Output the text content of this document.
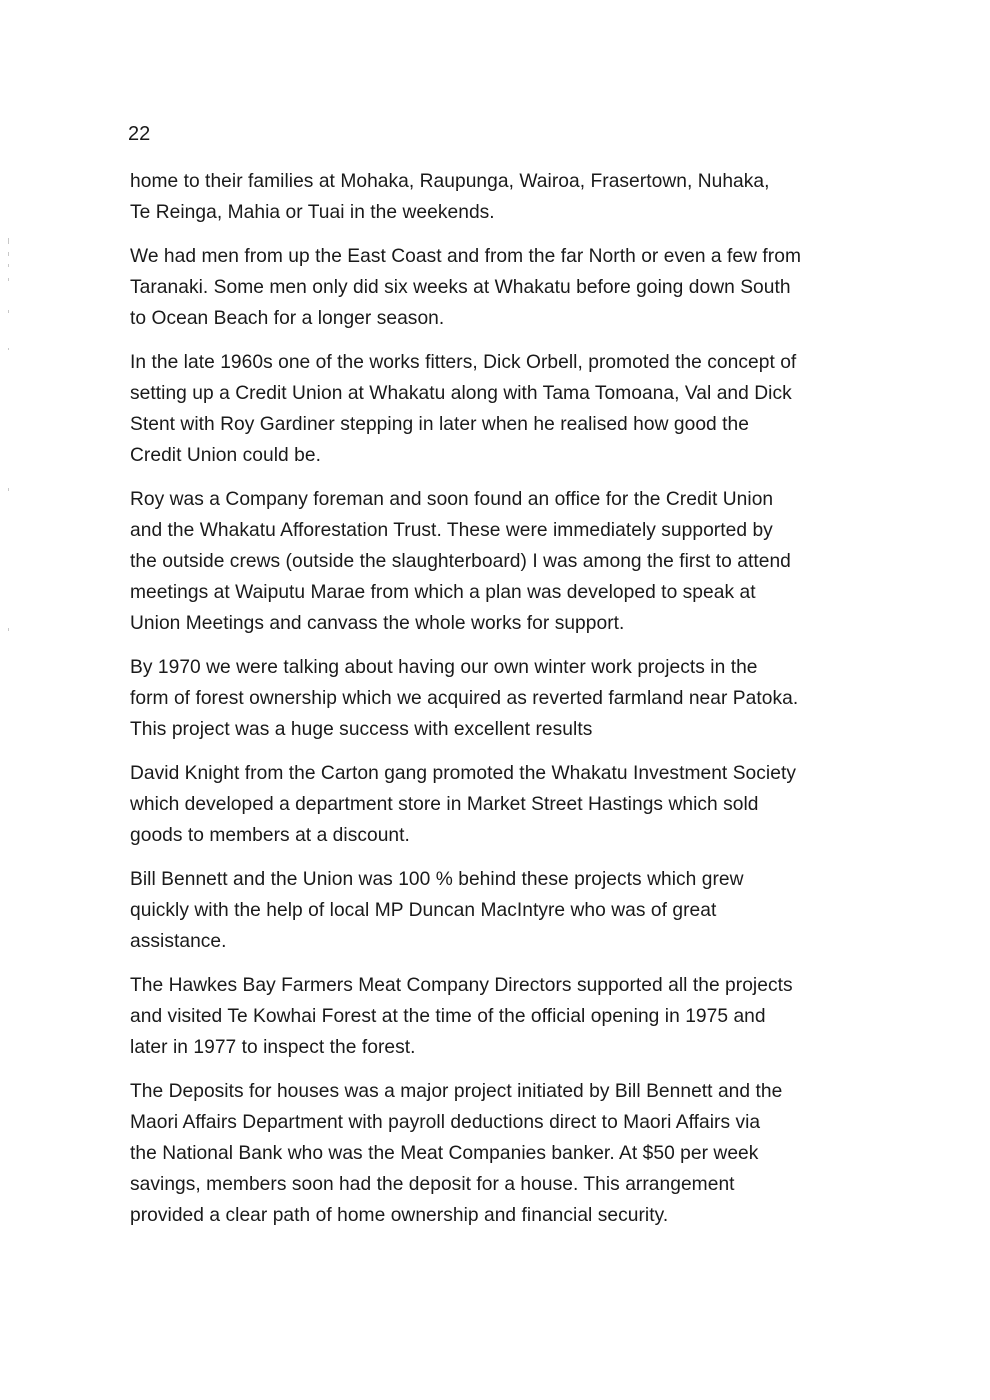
22

home to their families at Mohaka, Raupunga, Wairoa, Frasertown, Nuhaka,
Te Reinga, Mahia or Tuai in the weekends.

We had men from up the East Coast and from the far North or even a few from
Taranaki. Some men only did six weeks at Whakatu before going down South
to Ocean Beach for a longer season.

In the late 1960s one of the works fitters, Dick Orbell, promoted the concept of
setting up a Credit Union at Whakatu along with Tama Tomoana, Val and Dick
Stent with Roy Gardiner stepping in later when he realised how good the
Credit Union could be.

Roy was a Company foreman and soon found an office for the Credit Union
and the Whakatu Afforestation Trust. These were immediately supported by
the outside crews (outside the slaughterboard) I was among the first to attend
meetings at Waiputu Marae from which a plan was developed to speak at
Union Meetings and canvass the whole works for support.

By 1970 we were talking about having our own winter work projects in the
form of forest ownership which we acquired as reverted farmland near Patoka.
This project was a huge success with excellent results

David Knight from the Carton gang promoted the Whakatu Investment Society
which developed a department store in Market Street Hastings which sold
goods to members at a discount.

Bill Bennett and the Union was 100 % behind these projects which grew
quickly with the help of local MP Duncan MacIntyre who was of great
assistance.

The Hawkes Bay Farmers Meat Company Directors supported all the projects
and visited Te Kowhai Forest at the time of the official opening in 1975 and
later in 1977 to inspect the forest.

The Deposits for houses was a major project initiated by Bill Bennett and the
Maori Affairs Department with payroll deductions direct to Maori Affairs via
the National Bank who was the Meat Companies banker. At $50 per week
savings, members soon had the deposit for a house. This arrangement
provided a clear path of home ownership and financial security.
